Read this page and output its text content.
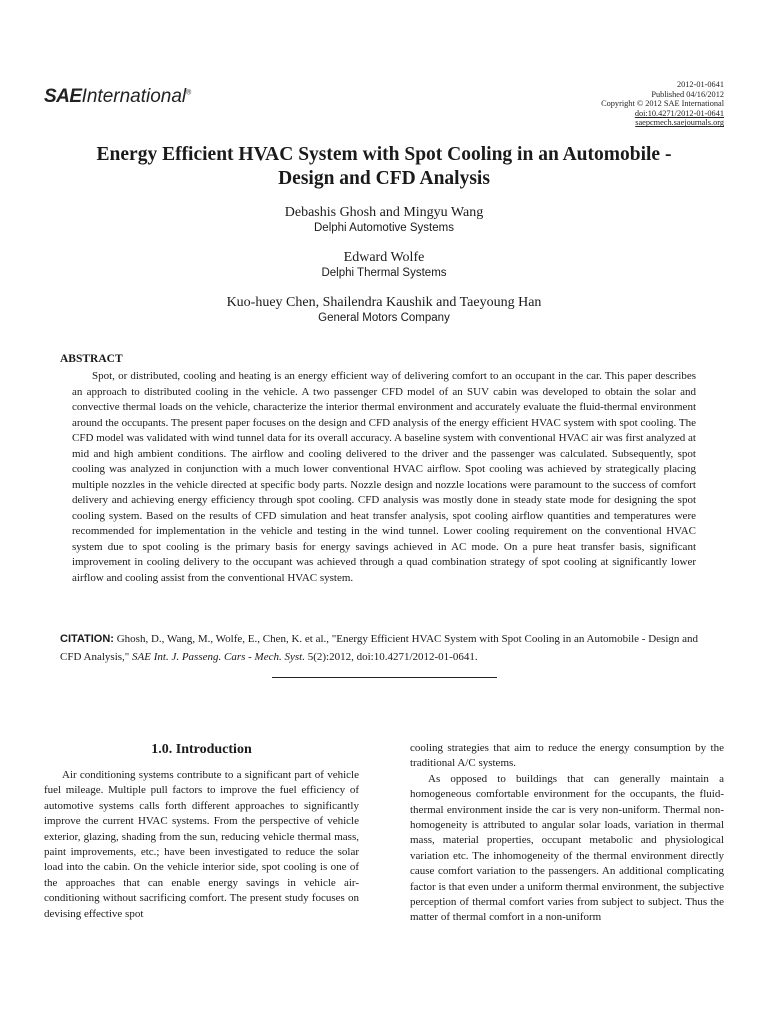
SAEInternational®
2012-01-0641
Published 04/16/2012
Copyright © 2012 SAE International
doi:10.4271/2012-01-0641
saepcmech.saejournals.org
Energy Efficient HVAC System with Spot Cooling in an Automobile - Design and CFD Analysis

Debashis Ghosh and Mingyu Wang

Delphi Automotive Systems

Edward Wolfe

Delphi Thermal Systems

Kuo-huey Chen, Shailendra Kaushik and Taeyoung Han

General Motors Company

ABSTRACT

Spot, or distributed, cooling and heating is an energy efficient way of delivering comfort to an occupant in the car. This paper describes an approach to distributed cooling in the vehicle. A two passenger CFD model of an SUV cabin was developed to obtain the solar and convective thermal loads on the vehicle, characterize the interior thermal environment and accurately evaluate the fluid-thermal environment around the occupants. The present paper focuses on the design and CFD analysis of the energy efficient HVAC system with spot cooling. The CFD model was validated with wind tunnel data for its overall accuracy. A baseline system with conventional HVAC air was first analyzed at mid and high ambient conditions. The airflow and cooling delivered to the driver and the passenger was calculated. Subsequently, spot cooling was analyzed in conjunction with a much lower conventional HVAC airflow. Spot cooling was achieved by strategically placing multiple nozzles in the vehicle directed at specific body parts. Nozzle design and nozzle locations were paramount to the success of comfort delivery and achieving energy efficiency through spot cooling. CFD analysis was mostly done in steady state mode for designing the spot cooling system. Based on the results of CFD simulation and heat transfer analysis, spot cooling airflow quantities and temperatures were recommended for implementation in the vehicle and testing in the wind tunnel. Lower cooling requirement on the conventional HVAC system due to spot cooling is the primary basis for energy savings achieved in AC mode. On a pure heat transfer basis, significant improvement in cooling delivery to the occupant was achieved through a quad combination strategy of spot cooling at significantly lower airflow and cooling assist from the conventional HVAC system.

CITATION: Ghosh, D., Wang, M., Wolfe, E., Chen, K. et al., "Energy Efficient HVAC System with Spot Cooling in an Automobile - Design and CFD Analysis," SAE Int. J. Passeng. Cars - Mech. Syst. 5(2):2012, doi:10.4271/2012-01-0641.

1.0. Introduction

Air conditioning systems contribute to a significant part of vehicle fuel mileage. Multiple pull factors to improve the fuel efficiency of automotive systems calls forth different approaches to significantly improve the current HVAC systems. From the perspective of vehicle exterior, glazing, shading from the sun, reducing vehicle thermal mass, paint improvements, etc.; have been investigated to reduce the solar load into the cabin. On the vehicle interior side, spot cooling is one of the approaches that can enable energy savings in vehicle air-conditioning without sacrificing comfort. The present study focuses on devising effective spot

cooling strategies that aim to reduce the energy consumption by the traditional A/C systems.

As opposed to buildings that can generally maintain a homogeneous comfortable environment for the occupants, the fluid-thermal environment inside the car is very non-uniform. Thermal non-homogeneity is attributed to angular solar loads, variation in thermal mass, material properties, occupant metabolic and physiological variation etc. The inhomogeneity of the thermal environment directly cause comfort variation to the passengers. An additional complicating factor is that even under a uniform thermal environment, the subjective perception of thermal comfort varies from subject to subject. Thus the matter of thermal comfort in a non-uniform
